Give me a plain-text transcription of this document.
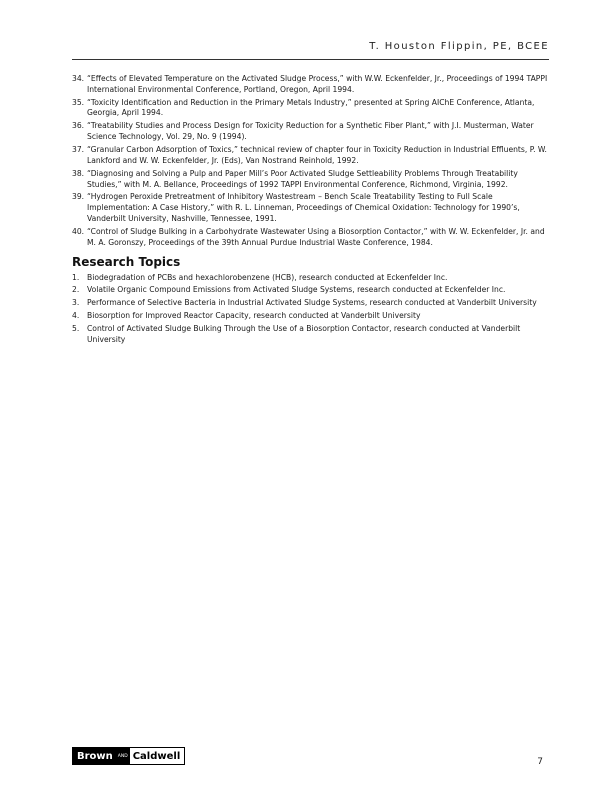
T. Houston Flippin, PE, BCEE
34. “Effects of Elevated Temperature on the Activated Sludge Process,” with W.W. Eckenfelder, Jr., Proceedings of 1994 TAPPI International Environmental Conference, Portland, Oregon, April 1994.
35. “Toxicity Identification and Reduction in the Primary Metals Industry,” presented at Spring AIChE Conference, Atlanta, Georgia, April 1994.
36. “Treatability Studies and Process Design for Toxicity Reduction for a Synthetic Fiber Plant,” with J.I. Musterman, Water Science Technology, Vol. 29, No. 9 (1994).
37. “Granular Carbon Adsorption of Toxics,” technical review of chapter four in Toxicity Reduction in Industrial Effluents, P. W. Lankford and W. W. Eckenfelder, Jr. (Eds), Van Nostrand Reinhold, 1992.
38. “Diagnosing and Solving a Pulp and Paper Mill’s Poor Activated Sludge Settleability Problems Through Treatability Studies,” with M. A. Bellance, Proceedings of 1992 TAPPI Environmental Conference, Richmond, Virginia, 1992.
39. “Hydrogen Peroxide Pretreatment of Inhibitory Wastestream – Bench Scale Treatability Testing to Full Scale Implementation: A Case History,” with R. L. Linneman, Proceedings of Chemical Oxidation: Technology for 1990’s, Vanderbilt University, Nashville, Tennessee, 1991.
40. “Control of Sludge Bulking in a Carbohydrate Wastewater Using a Biosorption Contactor,” with W. W. Eckenfelder, Jr. and M. A. Goronszy, Proceedings of the 39th Annual Purdue Industrial Waste Conference, 1984.
Research Topics
1.	Biodegradation of PCBs and hexachlorobenzene (HCB), research conducted at Eckenfelder Inc.
2.	Volatile Organic Compound Emissions from Activated Sludge Systems, research conducted at Eckenfelder Inc.
3.	Performance of Selective Bacteria in Industrial Activated Sludge Systems, research conducted at Vanderbilt University
4.	Biosorption for Improved Reactor Capacity, research conducted at Vanderbilt University
5.	Control of Activated Sludge Bulking Through the Use of a Biosorption Contactor, research conducted at Vanderbilt University
Brown	AND Caldwell
7
